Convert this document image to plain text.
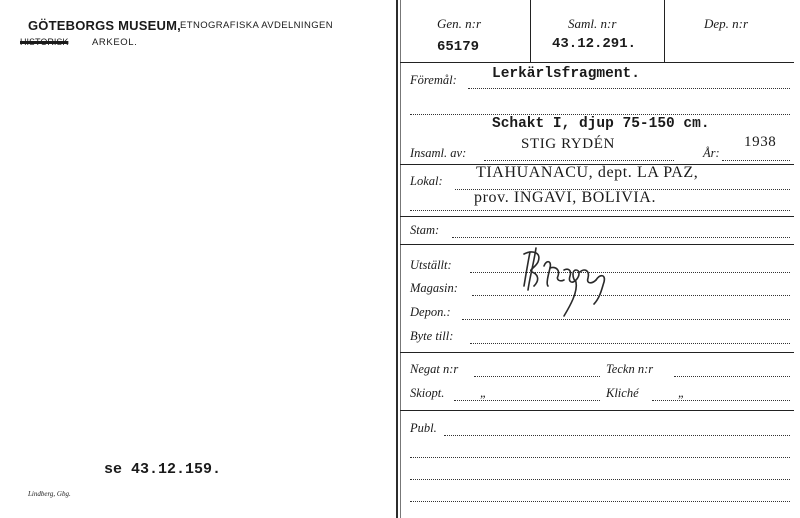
GÖTEBORGS MUSEUM, ETNOGRAFISKA AVDELNINGEN
HISTORISK ARKEOL.
se 43.12.159.
Lindberg, Gbg.
Gen. n:r
65179
Saml. n:r
43.12.291.
Dep. n:r
Föremål: Lerkärlsfragment.
Schakt I, djup 75-150 cm.
Insaml. av:
STIG RYDÉN
År:
1938
Lokal: TIAHUANACU, dept. LA PAZ,
prov. INGAVI, BOLIVIA.
Stam:
Utställt:
Magasin:
Depon.:
Byte till:
Negat n:r	Teckn n:r
Skiopt.	„	Kliché	„
Publ.
